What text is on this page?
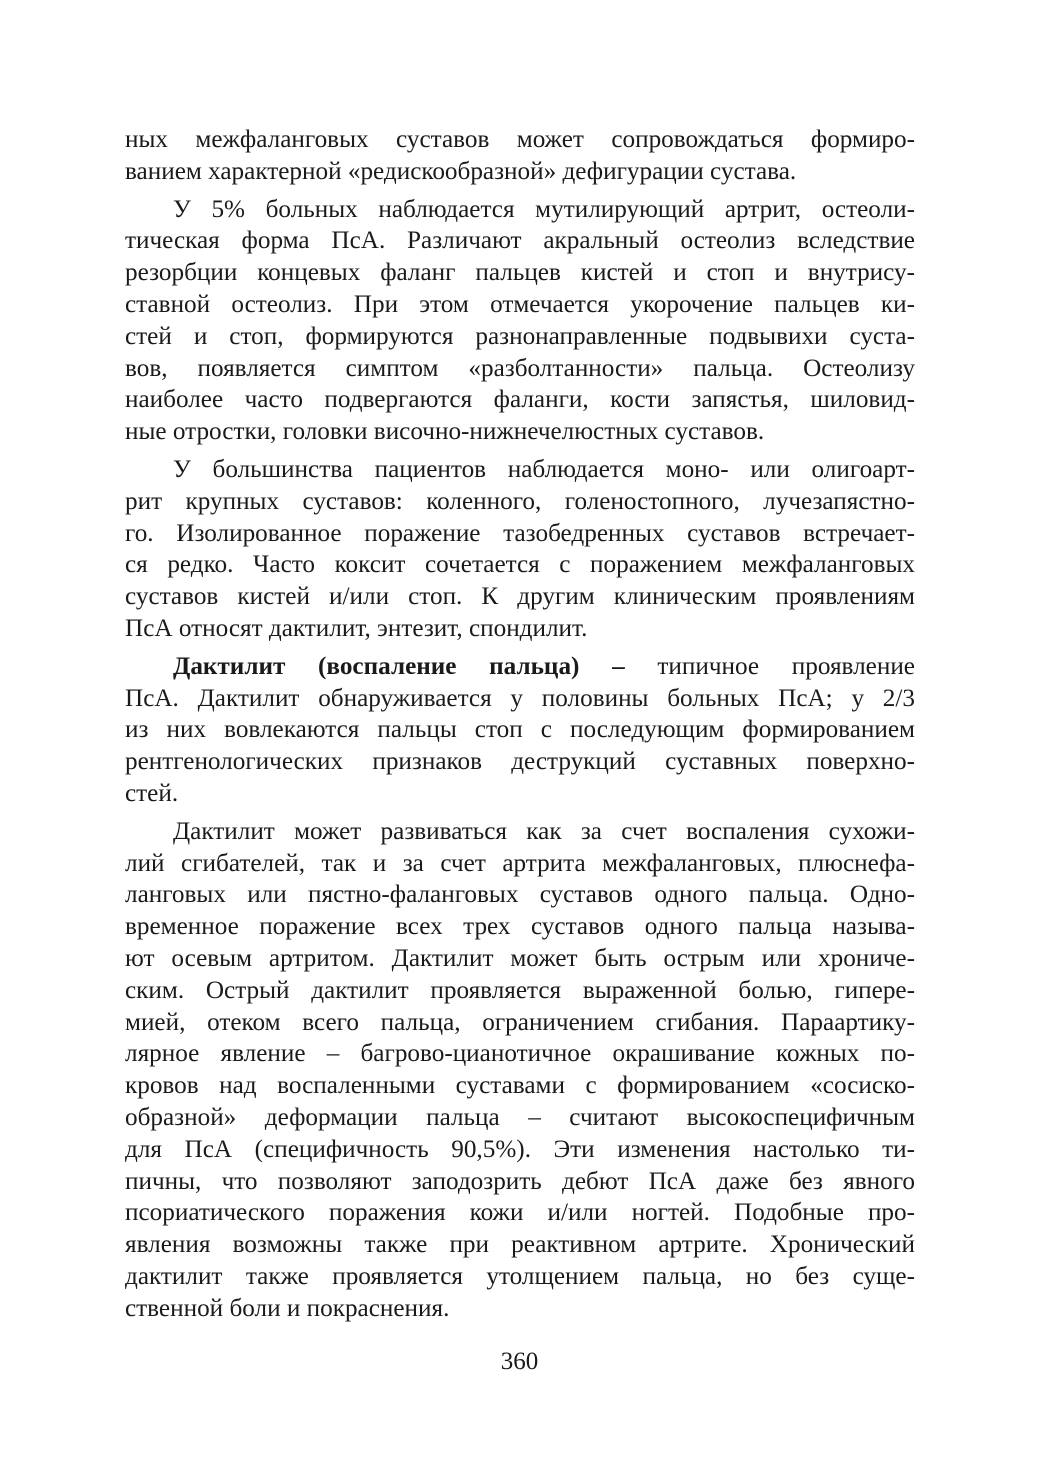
ных межфаланговых суставов может сопровождаться формиро-
ванием характерной «редискообразной» дефигурации сустава.
У 5% больных наблюдается мутилирующий артрит, остеоли-
тическая форма ПсА. Различают акральный остеолиз вследствие
резорбции концевых фаланг пальцев кистей и стоп и внутрису-
ставной остеолиз. При этом отмечается укорочение пальцев ки-
стей и стоп, формируются разнонаправленные подвывихи суста-
вов, появляется симптом «разболтанности» пальца. Остеолизу
наиболее часто подвергаются фаланги, кости запястья, шиловид-
ные отростки, головки височно-нижнечелюстных суставов.
У большинства пациентов наблюдается моно- или олигоарт-
рит крупных суставов: коленного, голеностопного, лучезапястно-
го. Изолированное поражение тазобедренных суставов встречает-
ся редко. Часто коксит сочетается с поражением межфаланговых
суставов кистей и/или стоп. К другим клиническим проявлениям
ПсА относят дактилит, энтезит, спондилит.
Дактилит (воспаление пальца) – типичное проявление
ПсА. Дактилит обнаруживается у половины больных ПсА; у 2/3
из них вовлекаются пальцы стоп с последующим формированием
рентгенологических признаков деструкций суставных поверхно-
стей.
Дактилит может развиваться как за счет воспаления сухожи-
лий сгибателей, так и за счет артрита межфаланговых, плюснефа-
ланговых или пястно-фаланговых суставов одного пальца. Одно-
временное поражение всех трех суставов одного пальца называ-
ют осевым артритом. Дактилит может быть острым или хрониче-
ским. Острый дактилит проявляется выраженной болью, гипере-
мией, отеком всего пальца, ограничением сгибания. Параартику-
лярное явление – багрово-цианотичное окрашивание кожных по-
кровов над воспаленными суставами с формированием «сосиско-
образной» деформации пальца – считают высокоспецифичным
для ПсА (специфичность 90,5%). Эти изменения настолько ти-
пичны, что позволяют заподозрить дебют ПсА даже без явного
псориатического поражения кожи и/или ногтей. Подобные про-
явления возможны также при реактивном артрите. Хронический
дактилит также проявляется утолщением пальца, но без суще-
ственной боли и покраснения.
360
